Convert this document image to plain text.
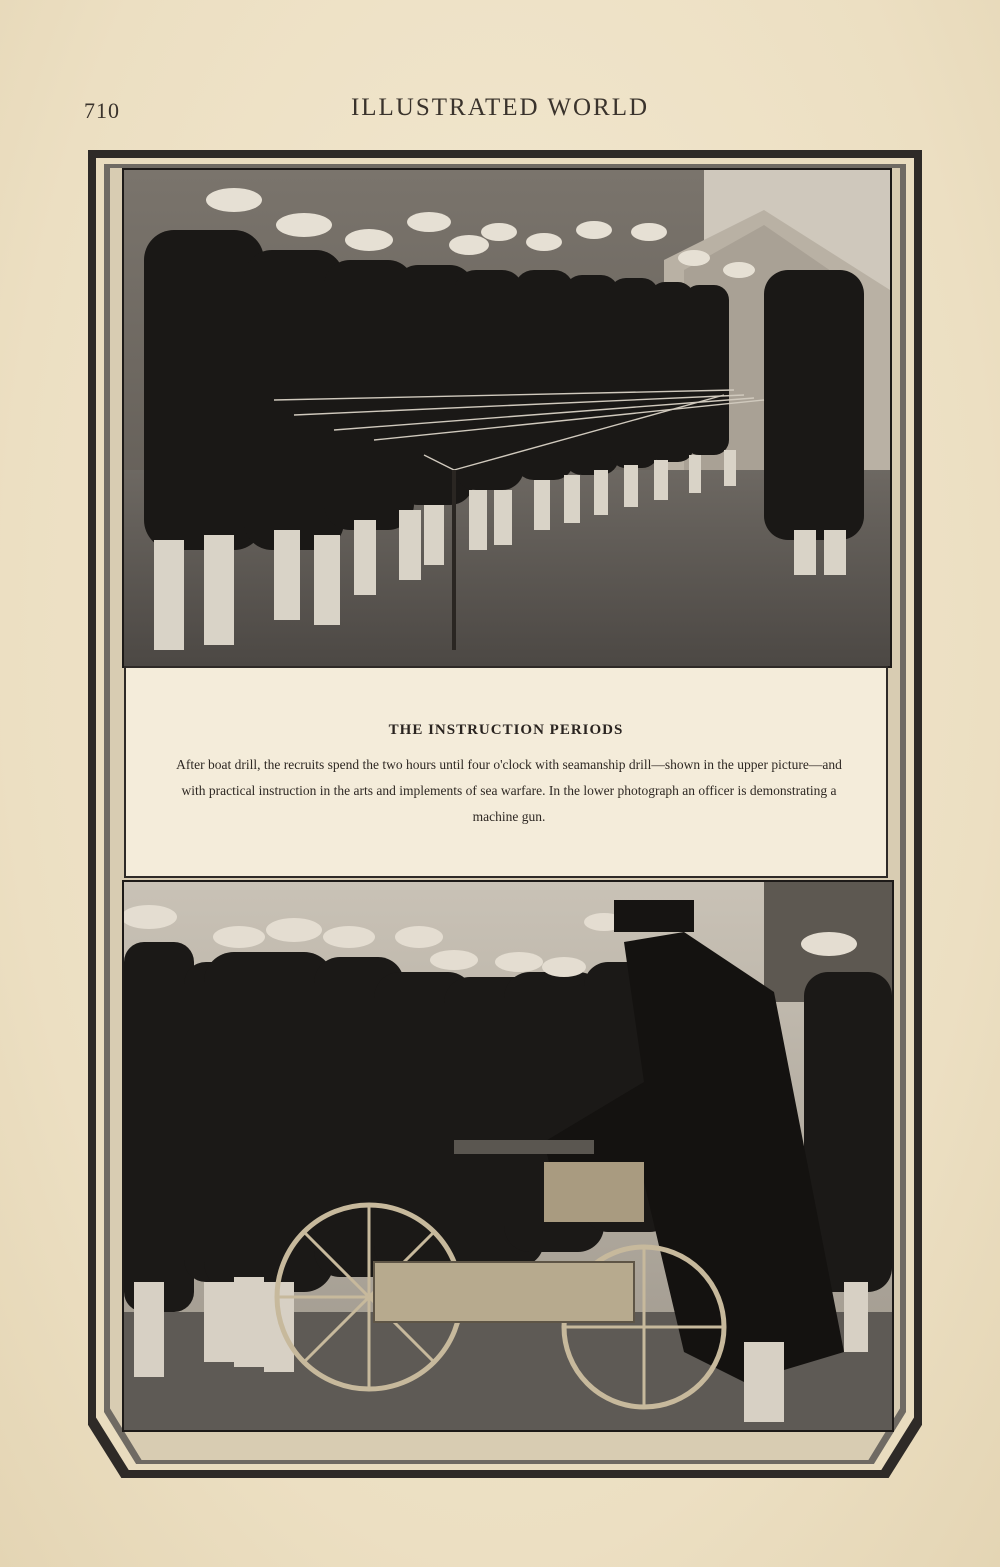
710	ILLUSTRATED WORLD
THE INSTRUCTION PERIODS
After boat drill, the recruits spend the two hours until four o'clock with seamanship drill—shown in the upper picture—and with practical instruction in the arts and implements of sea warfare. In the lower photograph an officer is demonstrating a machine gun.
